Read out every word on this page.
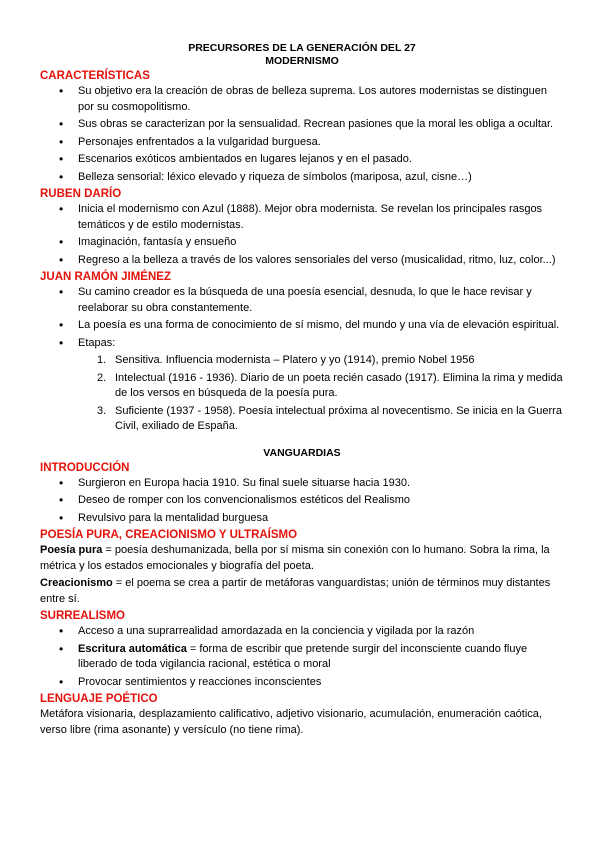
PRECURSORES DE LA GENERACIÓN DEL 27
MODERNISMO
CARACTERÍSTICAS
• Su objetivo era la creación de obras de belleza suprema. Los autores modernistas se distinguen por su cosmopolitismo.
• Sus obras se caracterizan por la sensualidad. Recrean pasiones que la moral les obliga a ocultar.
• Personajes enfrentados a la vulgaridad burguesa.
• Escenarios exóticos ambientados en lugares lejanos y en el pasado.
• Belleza sensorial: léxico elevado y riqueza de símbolos (mariposa, azul, cisne…)
RUBEN DARÍO
• Inicia el modernismo con Azul (1888). Mejor obra modernista. Se revelan los principales rasgos temáticos y de estilo modernistas.
• Imaginación, fantasía y ensueño
• Regreso a la belleza a través de los valores sensoriales del verso (musicalidad, ritmo, luz, color...)
JUAN RAMÓN JIMÉNEZ
• Su camino creador es la búsqueda de una poesía esencial, desnuda, lo que le hace revisar y reelaborar su obra constantemente.
• La poesía es una forma de conocimiento de sí mismo, del mundo y una vía de elevación espiritual.
• Etapas:
1. Sensitiva. Influencia modernista – Platero y yo (1914), premio Nobel 1956
2. Intelectual (1916 - 1936). Diario de un poeta recién casado (1917). Elimina la rima y medida de los versos en búsqueda de la poesía pura.
3. Suficiente (1937 - 1958). Poesía intelectual próxima al novecentismo. Se inicia en la Guerra Civil, exiliado de España.
VANGUARDIAS
INTRODUCCIÓN
• Surgieron en Europa hacia 1910. Su final suele situarse hacia 1930.
• Deseo de romper con los convencionalismos estéticos del Realismo
• Revulsivo para la mentalidad burguesa
POESÍA PURA, CREACIONISMO Y ULTRAÍSMO
Poesía pura = poesía deshumanizada, bella por sí misma sin conexión con lo humano. Sobra la rima, la métrica y los estados emocionales y biografía del poeta.
Creacionismo = el poema se crea a partir de metáforas vanguardistas; unión de términos muy distantes entre sí.
SURREALISMO
• Acceso a una suprarrealidad amordazada en la conciencia y vigilada por la razón
• Escritura automática = forma de escribir que pretende surgir del inconsciente cuando fluye liberado de toda vigilancia racional, estética o moral
• Provocar sentimientos y reacciones inconscientes
LENGUAJE POÉTICO
Metáfora visionaria, desplazamiento calificativo, adjetivo visionario, acumulación, enumeración caótica, verso libre (rima asonante) y versículo (no tiene rima).
